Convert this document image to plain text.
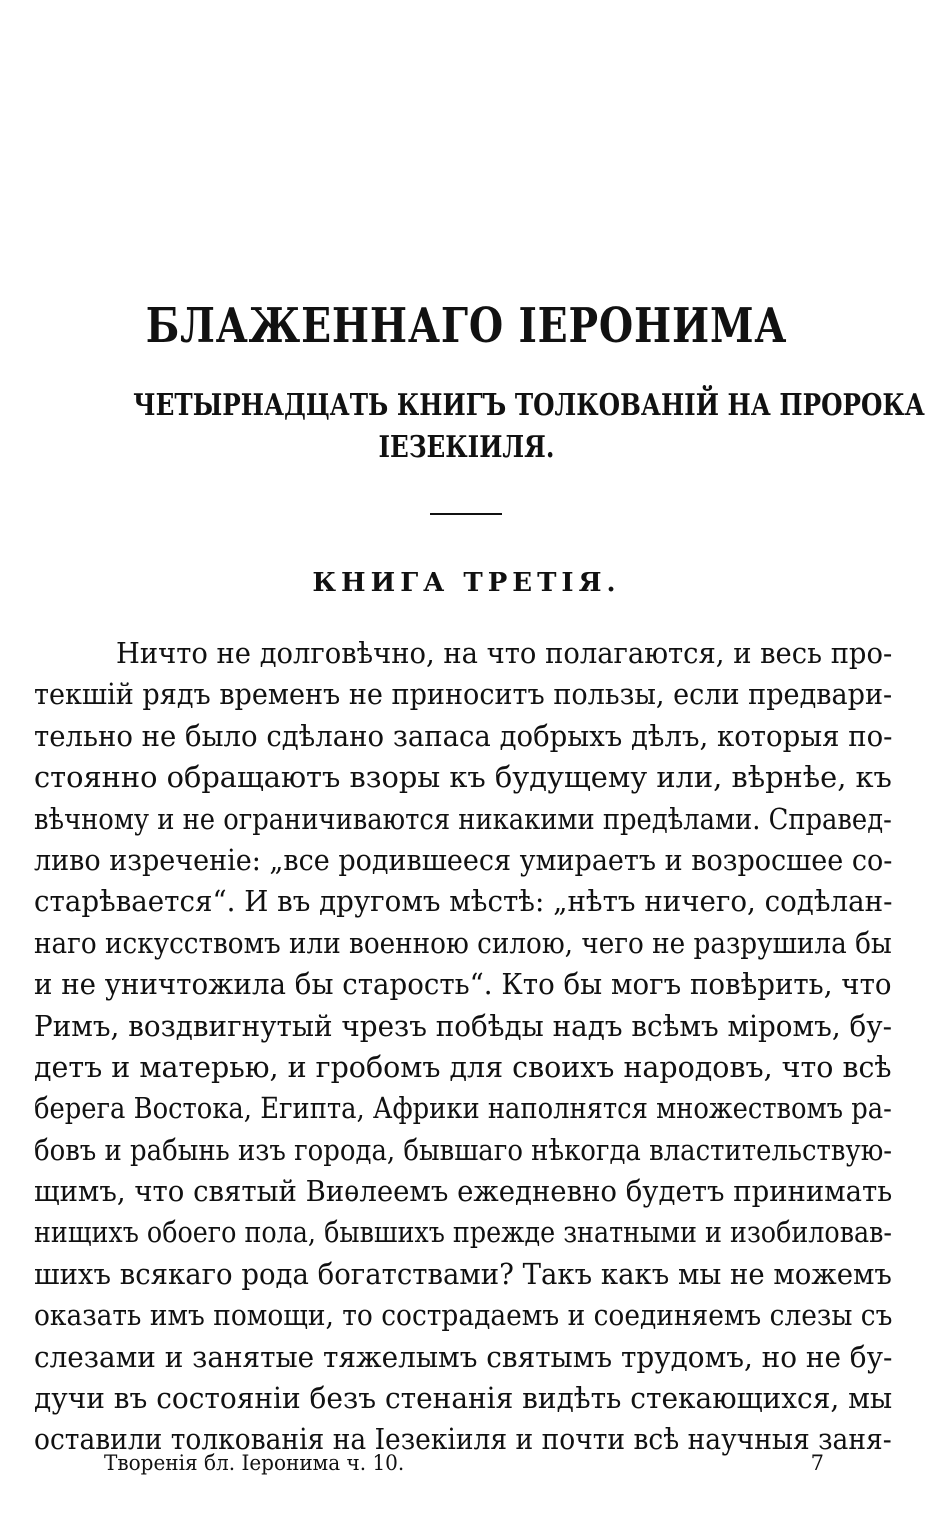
БЛАЖЕННАГО ІЕРОНИМА
ЧЕТЫРНАДЦАТЬ КНИГЪ ТОЛКОВАНІЙ НА ПРОРОКА
ІЕЗЕКІИЛЯ.
КНИГА ТРЕТІЯ.
Ничто не долговѣчно, на что полагаются, и весь про-
текшій рядъ временъ не приноситъ пользы, если предвари-
тельно не было сдѣлано запаса добрыхъ дѣлъ, которыя по-
стоянно обращаютъ взоры къ будущему или, вѣрнѣе, къ
вѣчному и не ограничиваются никакими предѣлами. Справед-
ливо изреченіе: „все родившееся умираетъ и возросшее со-
старѣвается“. И въ другомъ мѣстѣ: „нѣтъ ничего, содѣлан-
наго искусствомъ или военною силою, чего не разрушила бы
и не уничтожила бы старость“. Кто бы могъ повѣрить, что
Римъ, воздвигнутый чрезъ побѣды надъ всѣмъ міромъ, бу-
детъ и матерью, и гробомъ для своихъ народовъ, что всѣ
берега Востока, Египта, Африки наполнятся множествомъ ра-
бовъ и рабынь изъ города, бывшаго нѣкогда властительствую-
щимъ, что святый Виѳлеемъ ежедневно будетъ принимать
нищихъ обоего пола, бывшихъ прежде знатными и изобиловав-
шихъ всякаго рода богатствами? Такъ какъ мы не можемъ
оказать имъ помощи, то сострадаемъ и соединяемъ слезы съ
слезами и занятые тяжелымъ святымъ трудомъ, но не бу-
дучи въ состояніи безъ стенанія видѣть стекающихся, мы
оставили толкованія на Іезекіиля и почти всѣ научныя заня-
Творенія бл. Іеронима ч. 10.	7
